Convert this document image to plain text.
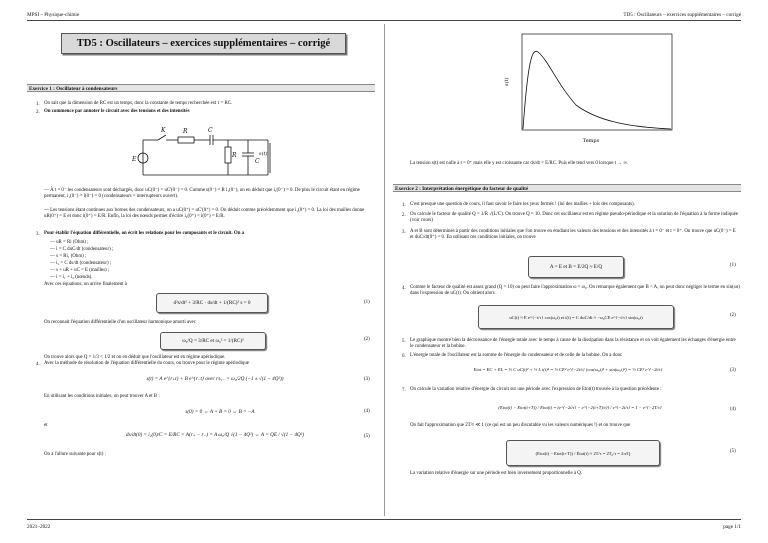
MPSI – Physique-chimie	TD5 : Oscillateurs – exercices supplémentaires – corrigé
TD5 : Oscillateurs – exercices supplémentaires – corrigé
Exercice 1 : Oscillateur à condensateurs
1. On sait que la dimension de RC est un temps, donc la constante de temps recherchée est τ = RC.
2. On commence par annoter le circuit avec des tensions et des intensités
K	R	C
E
R
C
s(t)
— À t = 0⁻ les condensateurs sont déchargés, donc uC(0⁻) = uC'(0⁻) = 0. Comme s(0⁻) = R i₁(0⁻), on en déduit que i₁(0⁻) = 0. De plus le circuit étant en régime permanent, i₁(0⁻) = i(0⁻) = 0 (condensateurs = interrupteurs ouvert).
— Les tensions étant continues aux bornes des condensateurs, on a uC(0⁺) = uC'(0⁺) = 0. On déduit comme précédemment que i₁(0⁺) = 0. La loi des mailles donne uR(0⁺) = E et donc i(0⁺) = E/R. Enfin, la loi des nœuds permet d'écrire i₂(0⁺) = i(0⁺) = E/R.
3. Pour établir l'équation différentielle, on écrit les relations pour les composants et le circuit. On a
— uR = Ri (Ohm) ;
— i = C duC/dt (condensateur) ;
— s = Ri₁ (Ohm) ;
— i₂ = C ds/dt (condensateur) ;
— s + uR + uC = E (mailles) ;
— i = i₁ + i₂ (nœuds).
Avec ces équations, on arrive finalement à
d²s/dt² + 3/RC · ds/dt + 1/(RC)² s = 0	(1)
On reconnait l'équation différentielle d'un oscillateur harmonique amorti avec
ω₀/Q = 3/RC et ω₀² = 1/(RC)²	(2)
On trouve alors que Q = 1/3 < 1/2 et on en déduit que l'oscillateur est en régime apériodique.
4. Avec la méthode de résolution de l'équation différentielle du cours, on trouve pour le régime apériodique
s(t) = A e^{r₊t} + B e^{r₋t} avec r±,₋ = ω₀/2Q (−1 ± √(1 − 4Q²))	(3)
En utilisant les conditions initiales, on peut trouver A et B :
s(0) = 0 ⇔ A + B = 0 ⇔ B = −A	(4)
et
ds/dt(0) = i₂(0)/C = E/RC = A(r₊ − r₋) = A ω₀/Q √(1 − 4Q²) ⇔ A = QE / √(1 − 4Q²)	(5)
On a l'allure suivante pour s(t) :
s(t)
Temps
La tension s(t) est nulle à t = 0⁺ mais elle y est croissante car ds/dt = E/RC. Puis elle tend vers 0 lorsque t → ∞.
Exercice 2 : Interprétation énergétique du facteur de qualité
1. C'est presque une question de cours, il faut savoir le faire les yeux fermés ! (loi des mailles + lois des composants).
2. On calcule le facteur de qualité Q = 1/R √(L/C). On trouve Q = 10. Donc cet oscillateur est en régime pseudo-périodique et la solution de l'équation à la forme indiquée (voir cours)
3. A et B sont déterminés à partir des conditions initiales que l'on trouve en étudiant les valeurs des tensions et des intensités à t = 0⁻ et t = 0⁺. On trouve que uC(0⁻) = E et duC/dt(0⁺) = 0. En utilisant ces conditions initiales, on trouve
A = E et B = E/2Q ≈ E/Q	(1)
4. Comme le facteur de qualité est assez grand (Q = 10) on peut faire l'approximation ω = ω₀. On remarque également que B < A, on peut donc négliger le terme en sin(ωt) dans l'expression de uC(t). On obtient alors
uC(t) ≈ E e^{−t/τ} cos(ω₀t) et i(t) = C duC/dt ≈ −ω₀CE e^{−t/τ} sin(ω₀t)	(2)
5. Le graphique montre bien la décroissance de l'énergie totale avec le temps à cause de la dissipation dans la résistance et on voit également les échanges d'énergie entre le condensateur et la bobine.
6. L'énergie totale de l'oscillateur est la somme de l'énergie du condensateur et de celle de la bobine. On a donc
Etot = EC + EL = ½ C uC(t)² + ½ L i(t)² = ½ CE² e^{−2t/τ} (cos(ω₀t)² + sin(ω₀t)²) = ½ CE² e^{−2t/τ}	(3)
7. On calcule la variation relative d'énergie du circuit sur une période avec l'expression de Etot(t) trouvée à la question précédente :
(Etot(t) − Etot(t+T)) / Etot(t) = (e^{−2t/τ} − e^{−2(t+T)/τ}) / e^{−2t/τ} = 1 − e^{−2T/τ}	(4)
On fait l'approximation que 2T/τ ≪ 1 (ce qui est un peu discutable vu les valeurs numériques !) et on trouve que
(Etot(t) − Etot(t+T)) / Etot(t) ≈ 2T/τ = 2T₀/τ = 2π/Q	(5)
La variation relative d'énergie sur une période est bien inversement proportionnelle à Q.
2021–2022	page 1/1
